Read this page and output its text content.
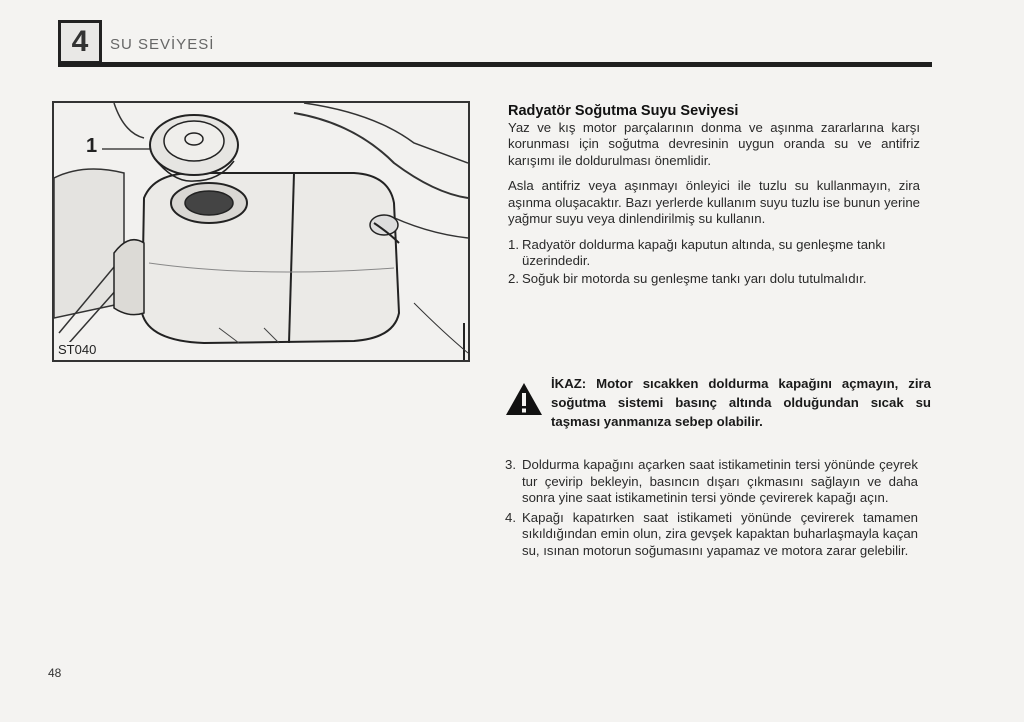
4 SU SEVİYESİ
1
ST040

Radyatör Soğutma Suyu Seviyesi

Yaz ve kış motor parçalarının donma ve aşınma zararlarına karşı korunması için soğutma devresinin uygun oranda su ve antifriz karışımı ile doldurulması önemlidir.

Asla antifriz veya aşınmayı önleyici ile tuzlu su kullanmayın, zira aşınma oluşacaktır. Bazı yerlerde kullanım suyu tuzlu ise bunun yerine yağmur suyu veya dinlendirilmiş su kullanın.

1. Radyatör doldurma kapağı kaputun altında, su genleşme tankı üzerindedir.
2. Soğuk bir motorda su genleşme tankı yarı dolu tutulmalıdır.
İKAZ: Motor sıcakken doldurma kapağını açmayın, zira soğutma sistemi basınç altında olduğundan sıcak su taşması yanmanıza sebep olabilir.
3. Doldurma kapağını açarken saat istikametinin tersi yönünde çeyrek tur çevirip bekleyin, basıncın dışarı çıkmasını sağlayın ve daha sonra yine saat istikametinin tersi yönde çevirerek kapağı açın.
4. Kapağı kapatırken saat istikameti yönünde çevirerek tamamen sıkıldığından emin olun, zira gevşek kapaktan buharlaşmayla kaçan su, ısınan motorun soğumasını yapamaz ve motora zarar gelebilir.
48
